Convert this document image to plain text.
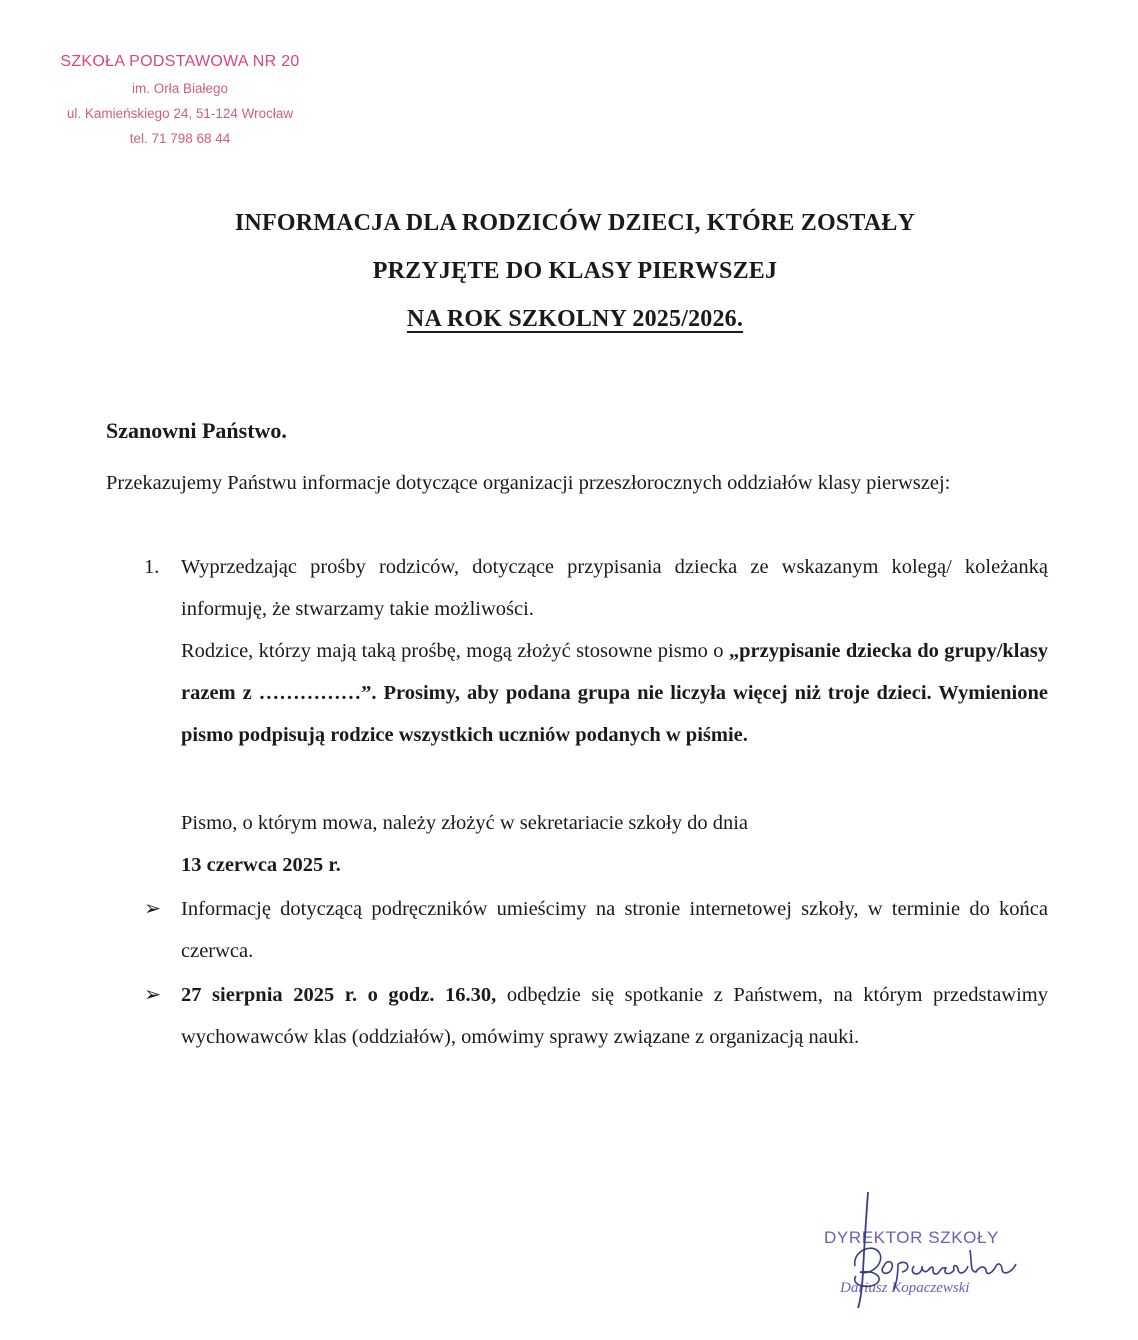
SZKOŁA PODSTAWOWA NR 20
im. Orła Białego
ul. Kamieńskiego 24, 51-124 Wrocław
tel. 71 798 68 44
INFORMACJA DLA RODZICÓW DZIECI, KTÓRE ZOSTAŁY
PRZYJĘTE DO KLASY PIERWSZEJ
NA ROK SZKOLNY 2025/2026.
Szanowni Państwo.
Przekazujemy Państwu informacje dotyczące organizacji przeszłorocznych oddziałów klasy pierwszej:
1. Wyprzedzając prośby rodziców, dotyczące przypisania dziecka ze wskazanym kolegą/ koleżanką informuję, że stwarzamy takie możliwości.
Rodzice, którzy mają taką prośbę, mogą złożyć stosowne pismo o „przypisanie dziecka do grupy/klasy razem z ……………”. Prosimy, aby podana grupa nie liczyła więcej niż troje dzieci. Wymienione pismo podpisują rodzice wszystkich uczniów podanych w piśmie.
Pismo, o którym mowa, należy złożyć w sekretariacie szkoły do dnia
13 czerwca 2025 r.
➢ Informację dotyczącą podręczników umieścimy na stronie internetowej szkoły, w terminie do końca czerwca.
➢ 27 sierpnia 2025 r. o godz. 16.30, odbędzie się spotkanie z Państwem, na którym przedstawimy wychowawców klas (oddziałów), omówimy sprawy związane z organizacją nauki.
DYREKTOR SZKOŁY
Dariusz Kopaczewski
